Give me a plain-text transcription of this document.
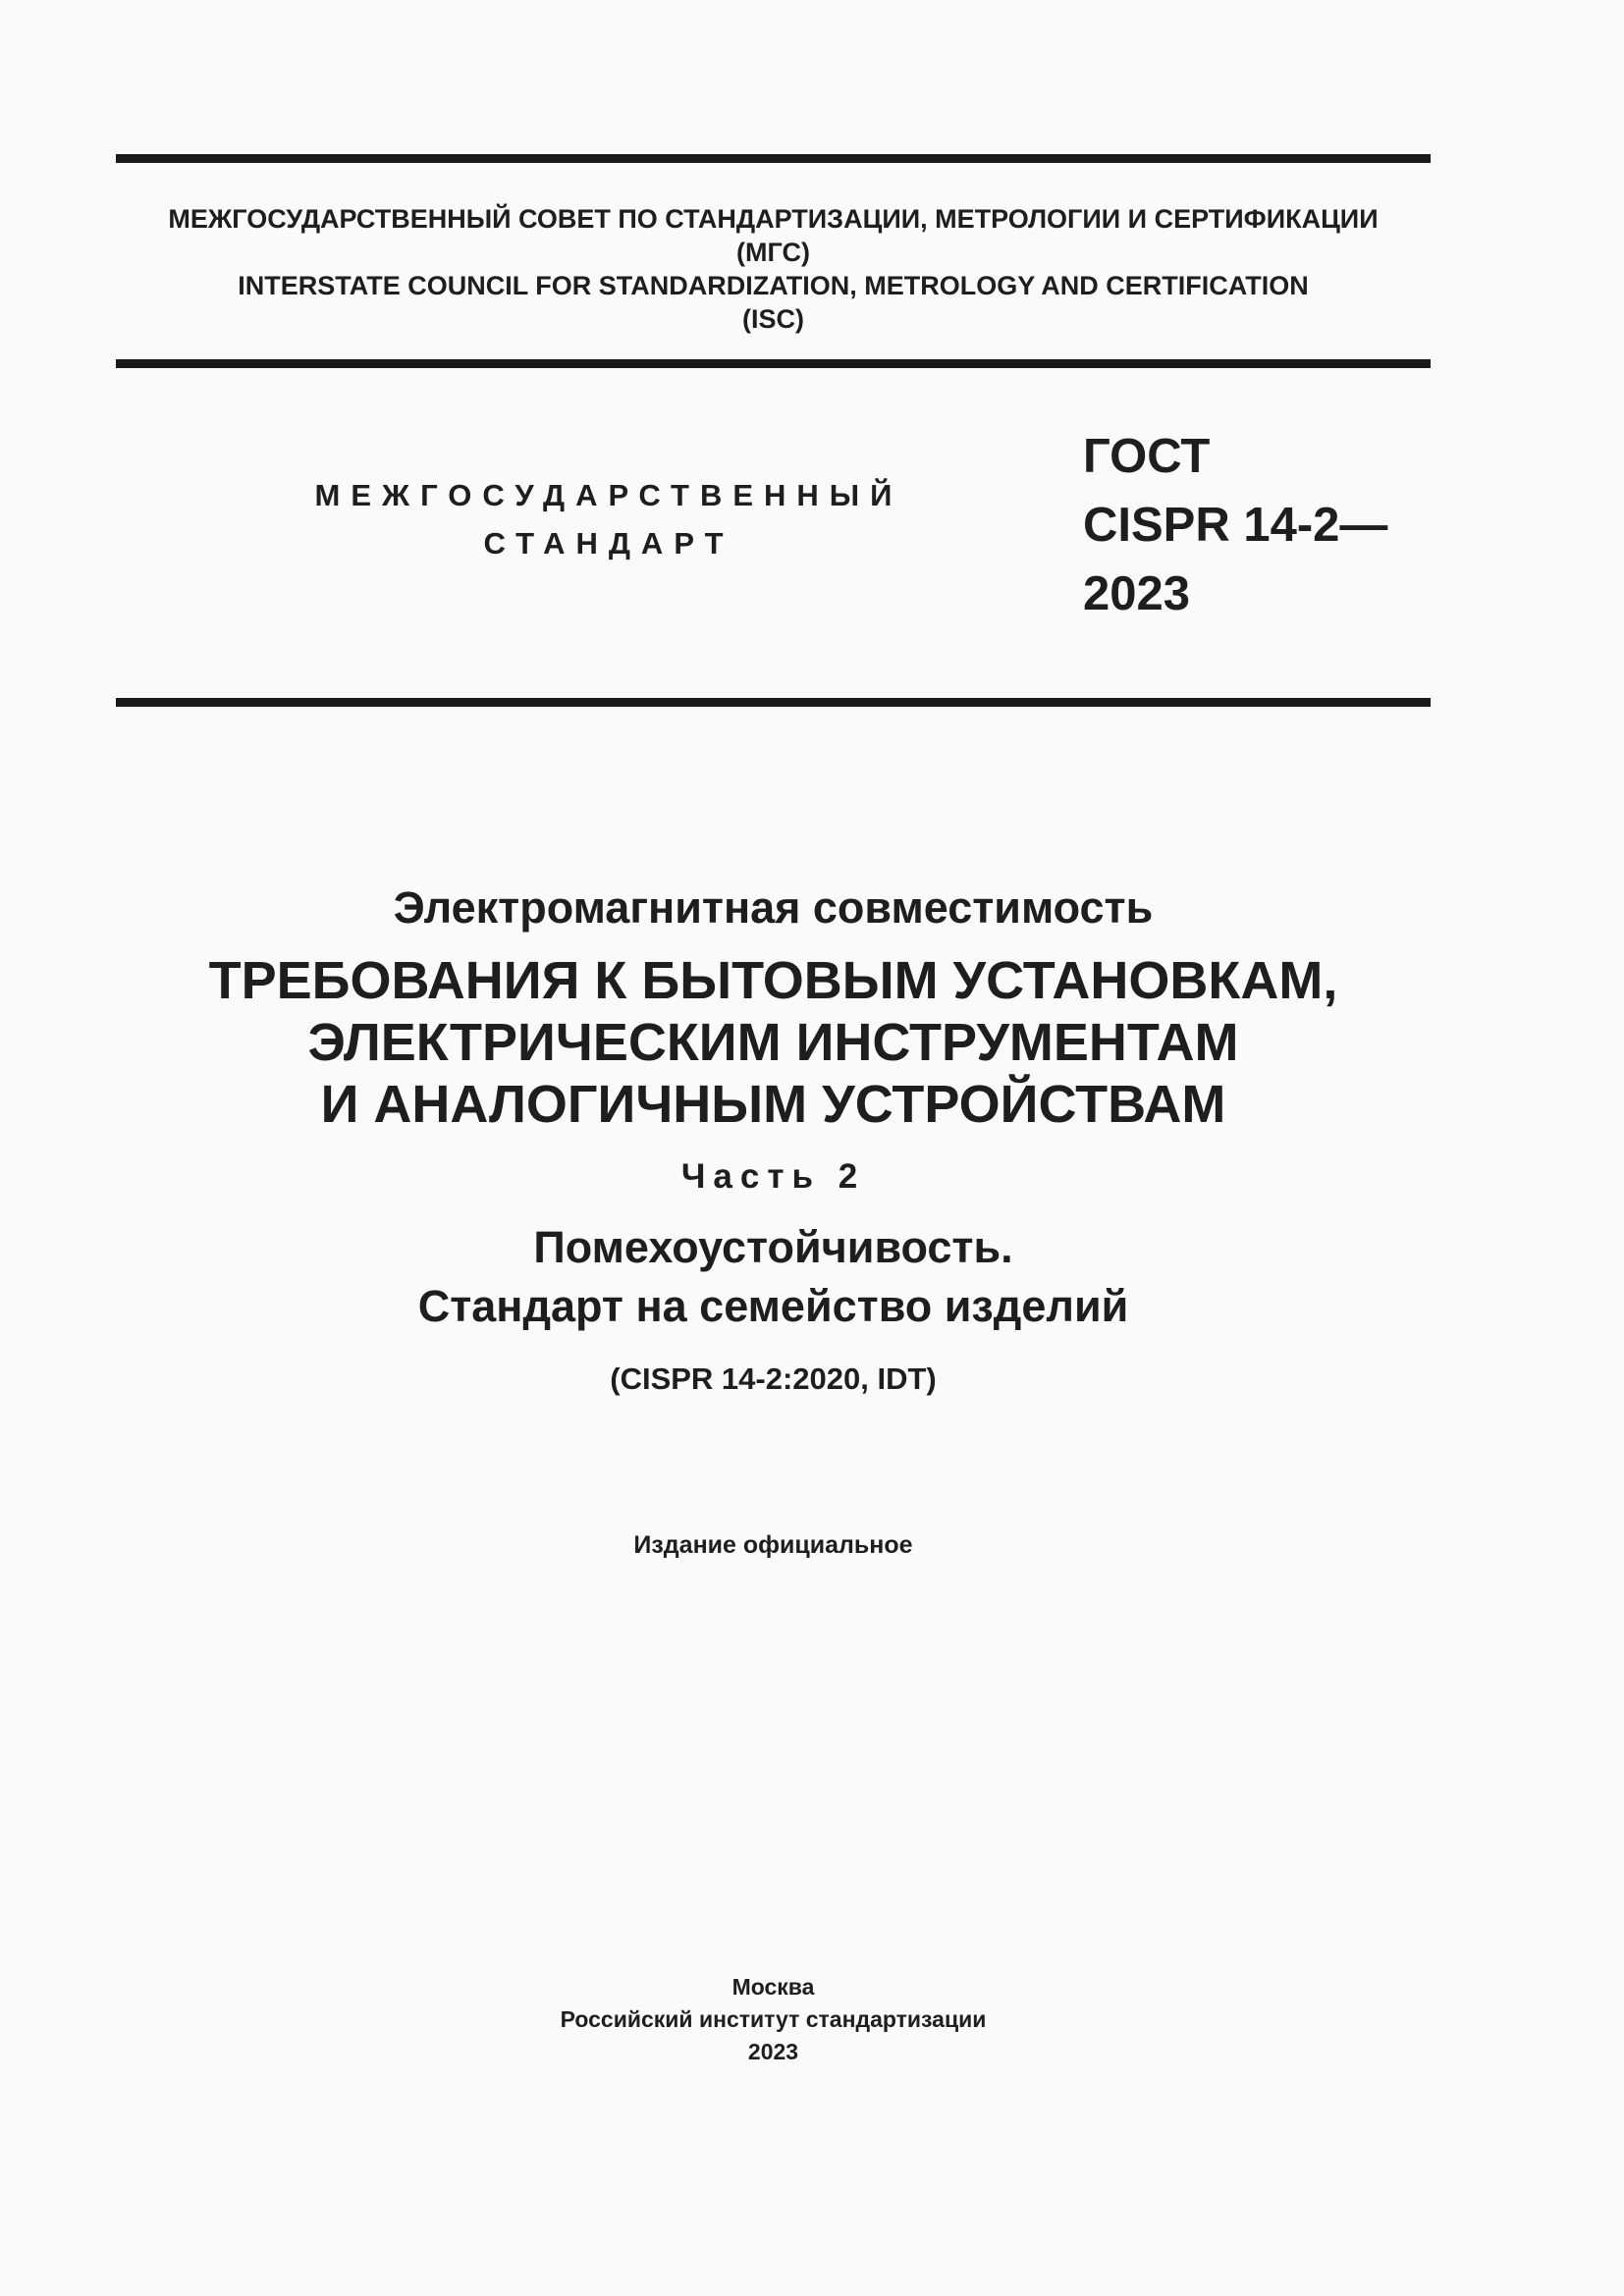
МЕЖГОСУДАРСТВЕННЫЙ СОВЕТ ПО СТАНДАРТИЗАЦИИ, МЕТРОЛОГИИ И СЕРТИФИКАЦИИ
(МГС)
INTERSTATE COUNCIL FOR STANDARDIZATION, METROLOGY AND CERTIFICATION
(ISC)
МЕЖГОСУДАРСТВЕННЫЙ
СТАНДАРТ
ГОСТ
CISPR 14-2—
2023
Электромагнитная совместимость
ТРЕБОВАНИЯ К БЫТОВЫМ УСТАНОВКАМ,
ЭЛЕКТРИЧЕСКИМ ИНСТРУМЕНТАМ
И АНАЛОГИЧНЫМ УСТРОЙСТВАМ
Часть 2
Помехоустойчивость.
Стандарт на семейство изделий
(CISPR 14-2:2020, IDT)
Издание официальное
Москва
Российский институт стандартизации
2023
